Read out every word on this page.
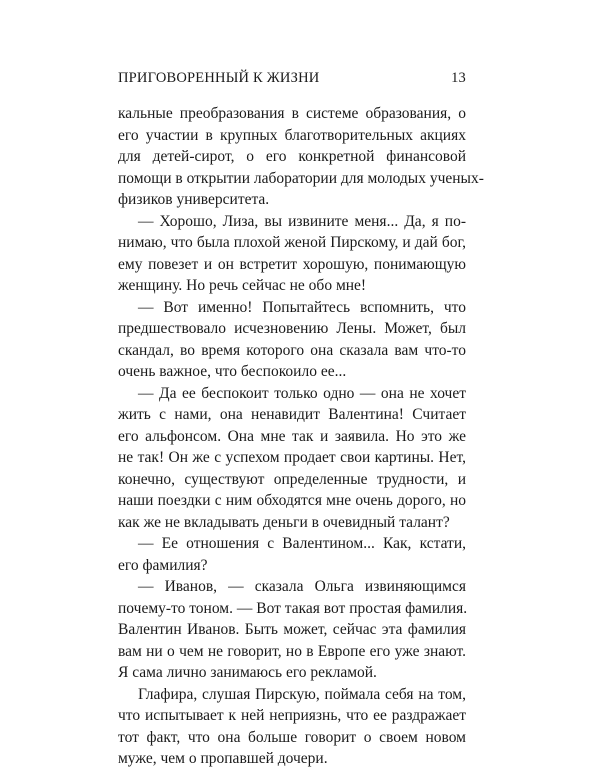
ПРИГОВОРЕННЫЙ К ЖИЗНИ	13
кальные преобразования в системе образования, о
его участии в крупных благотворительных акциях
для детей-сирот, о его конкретной финансовой
помощи в открытии лаборатории для молодых ученых-
физиков университета.
— Хорошо, Лиза, вы извините меня... Да, я по-
нимаю, что была плохой женой Пирскому, и дай бог,
ему повезет и он встретит хорошую, понимающую
женщину. Но речь сейчас не обо мне!
— Вот именно! Попытайтесь вспомнить, что
предшествовало исчезновению Лены. Может, был
скандал, во время которого она сказала вам что-то
очень важное, что беспокоило ее...
— Да ее беспокоит только одно — она не хочет
жить с нами, она ненавидит Валентина! Считает
его альфонсом. Она мне так и заявила. Но это же
не так! Он же с успехом продает свои картины. Нет,
конечно, существуют определенные трудности, и
наши поездки с ним обходятся мне очень дорого, но
как же не вкладывать деньги в очевидный талант?
— Ее отношения с Валентином... Как, кстати,
его фамилия?
— Иванов, — сказала Ольга извиняющимся
почему-то тоном. — Вот такая вот простая фамилия.
Валентин Иванов. Быть может, сейчас эта фамилия
вам ни о чем не говорит, но в Европе его уже знают.
Я сама лично занимаюсь его рекламой.
Глафира, слушая Пирскую, поймала себя на том,
что испытывает к ней неприязнь, что ее раздражает
тот факт, что она больше говорит о своем новом
муже, чем о пропавшей дочери.
